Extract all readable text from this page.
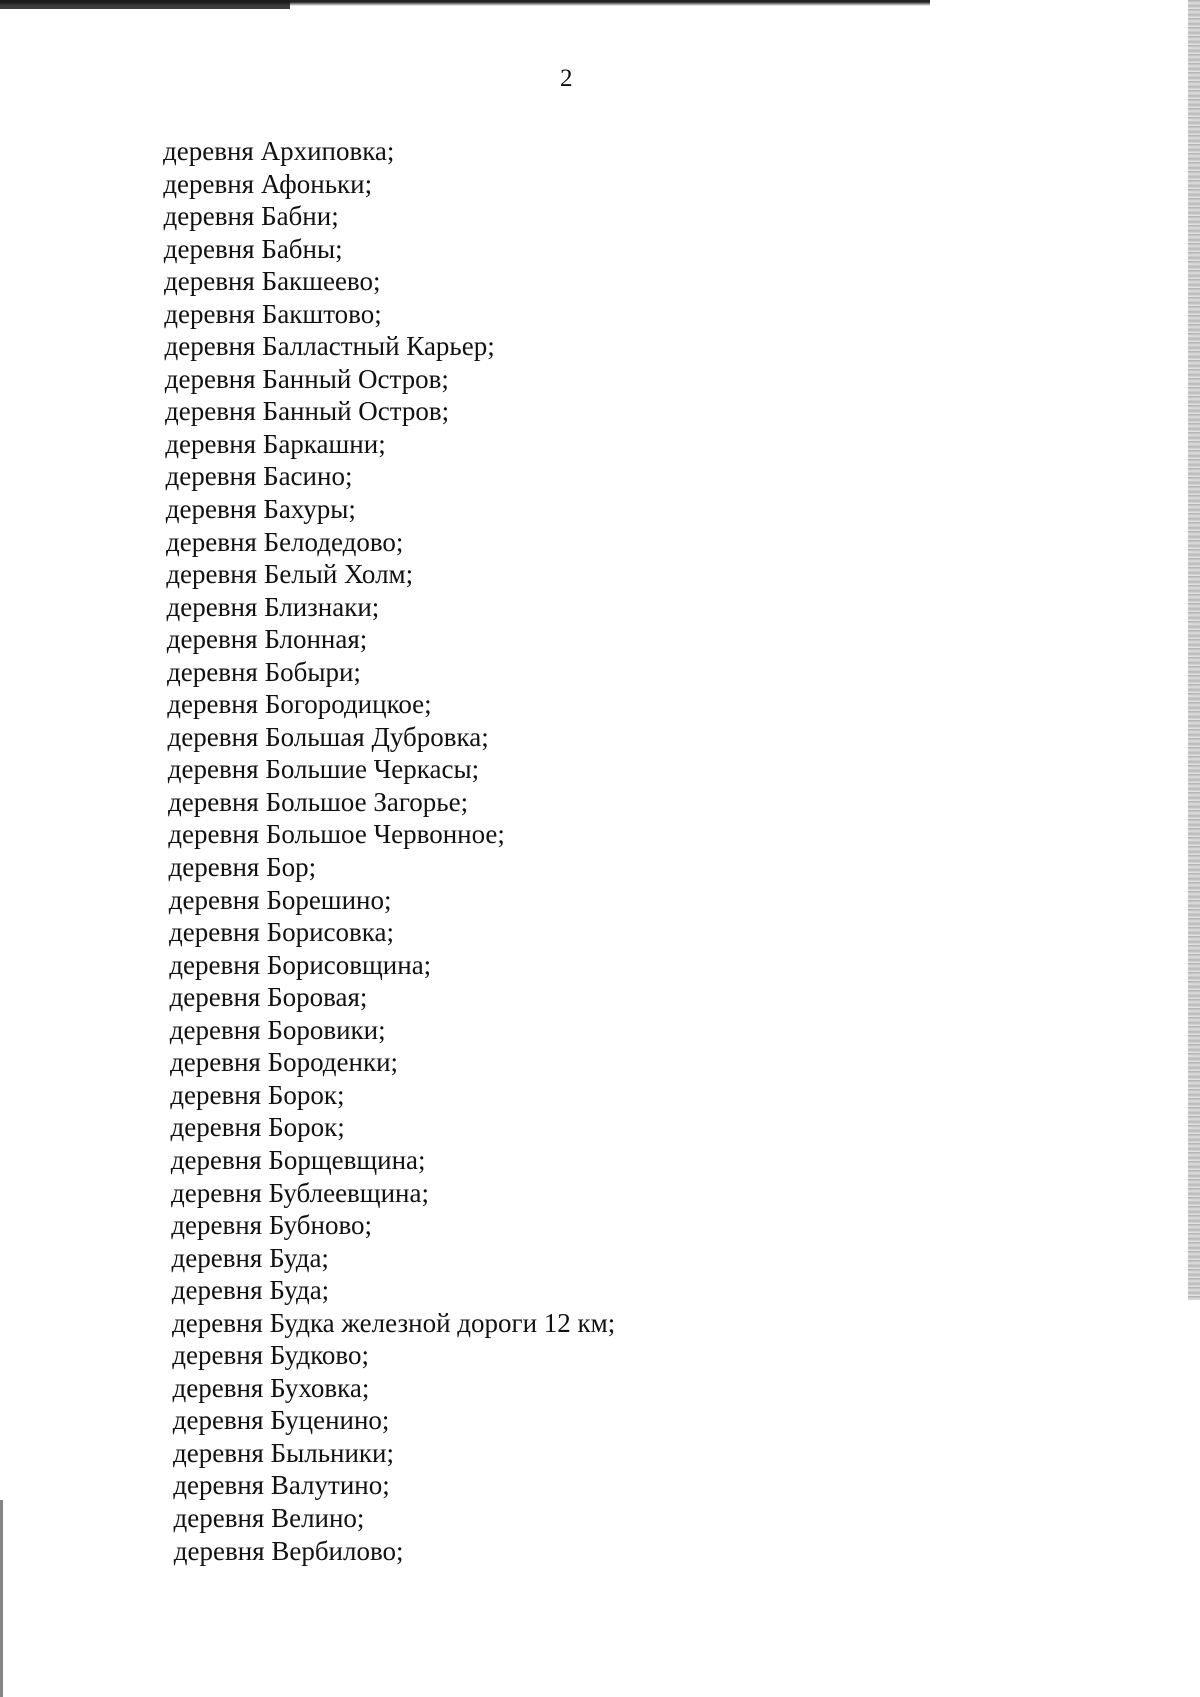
2
деревня Архиповка;
деревня Афоньки;
деревня Бабни;
деревня Бабны;
деревня Бакшеево;
деревня Бакштово;
деревня Балластный Карьер;
деревня Банный Остров;
деревня Банный Остров;
деревня Баркашни;
деревня Басино;
деревня Бахуры;
деревня Белодедово;
деревня Белый Холм;
деревня Близнаки;
деревня Блонная;
деревня Бобыри;
деревня Богородицкое;
деревня Большая Дубровка;
деревня Большие Черкасы;
деревня Большое Загорье;
деревня Большое Червонное;
деревня Бор;
деревня Борешино;
деревня Борисовка;
деревня Борисовщина;
деревня Боровая;
деревня Боровики;
деревня Бороденки;
деревня Борок;
деревня Борок;
деревня Борщевщина;
деревня Бублеевщина;
деревня Бубново;
деревня Буда;
деревня Буда;
деревня Будка железной дороги 12 км;
деревня Будково;
деревня Буховка;
деревня Буценино;
деревня Быльники;
деревня Валутино;
деревня Велино;
деревня Вербилово;
